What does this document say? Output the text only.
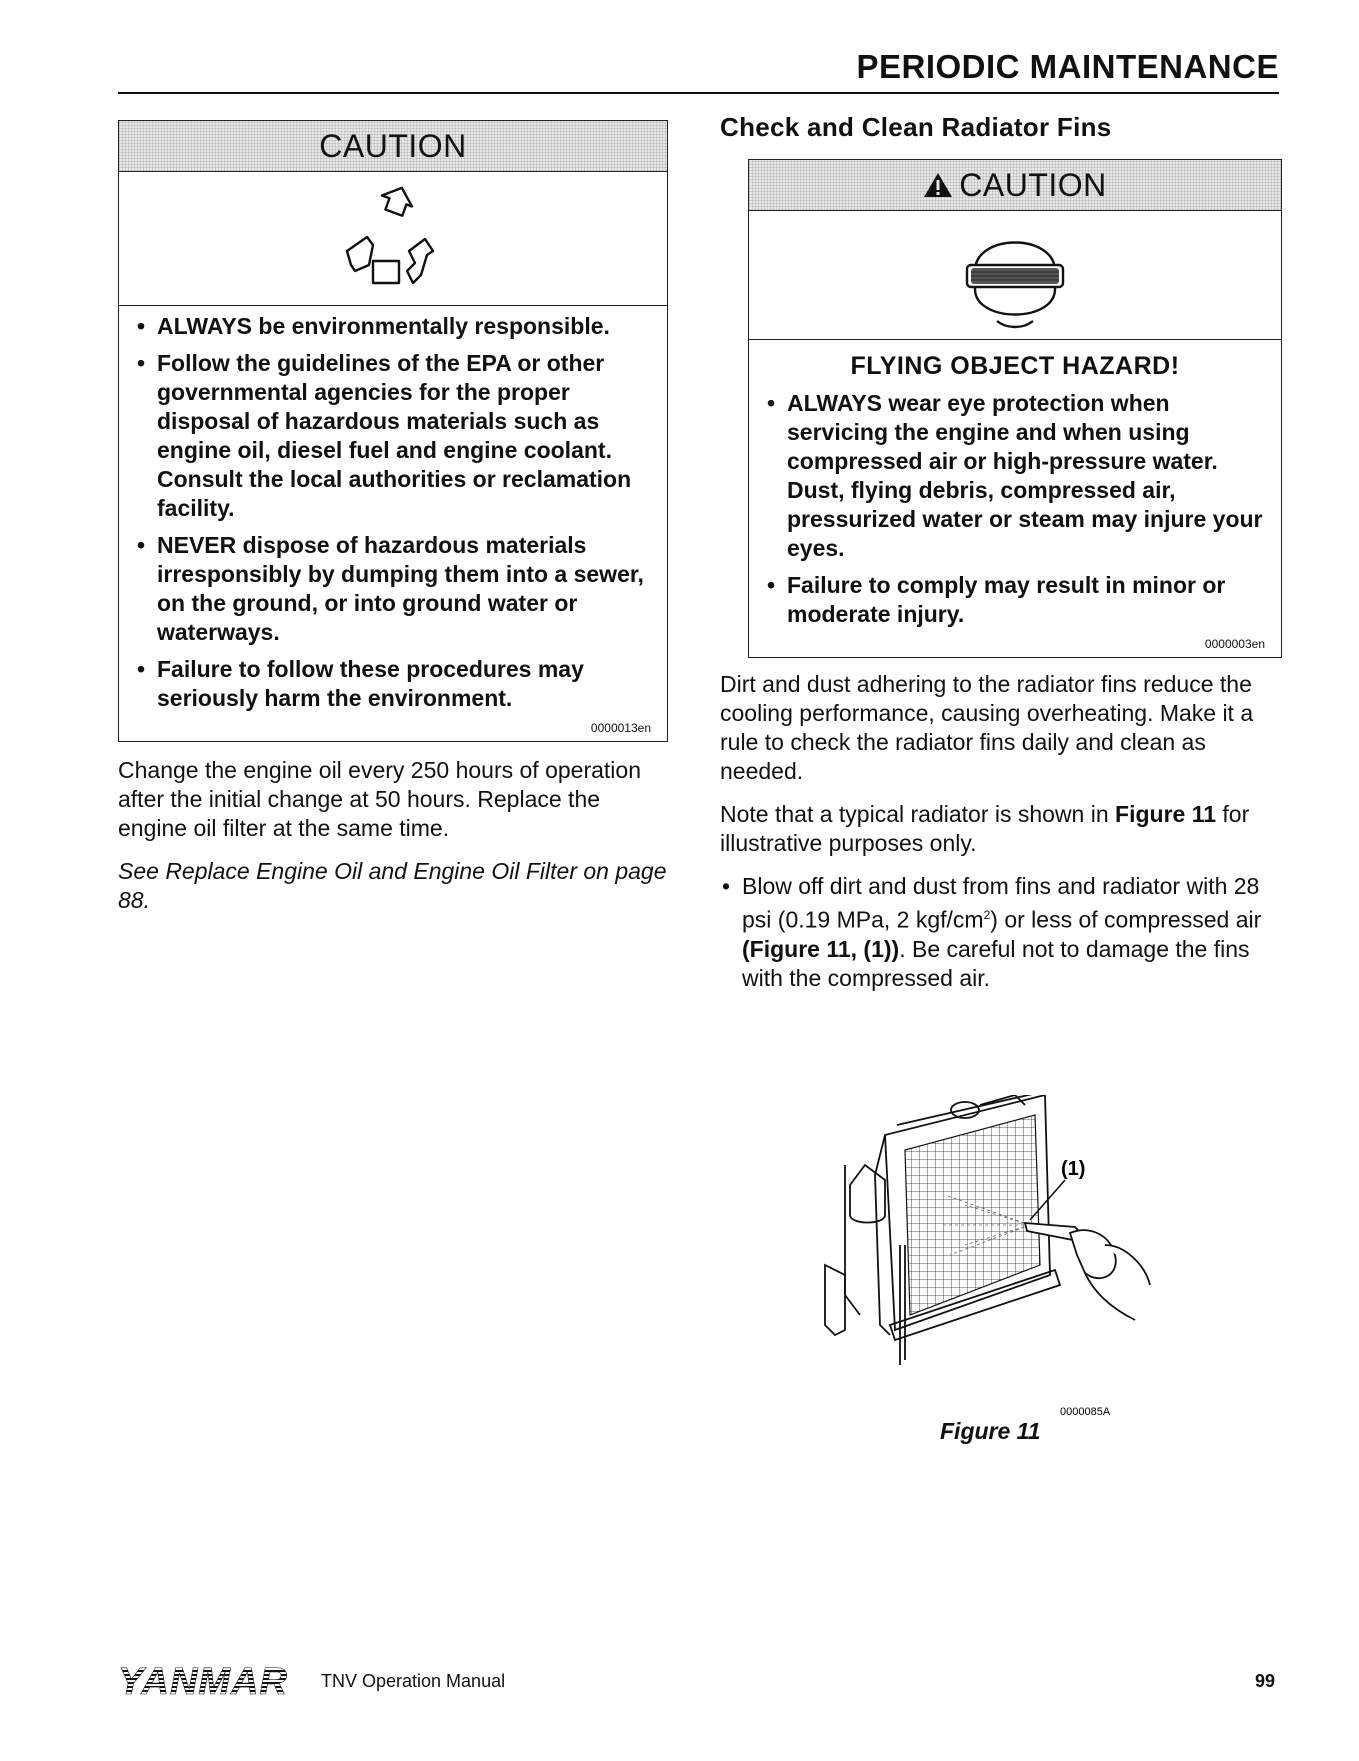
PERIODIC MAINTENANCE
CAUTION
• ALWAYS be environmentally responsible.
• Follow the guidelines of the EPA or other governmental agencies for the proper disposal of hazardous materials such as engine oil, diesel fuel and engine coolant. Consult the local authorities or reclamation facility.
• NEVER dispose of hazardous materials irresponsibly by dumping them into a sewer, on the ground, or into ground water or waterways.
• Failure to follow these procedures may seriously harm the environment.
0000013en

Change the engine oil every 250 hours of operation after the initial change at 50 hours. Replace the engine oil filter at the same time.

See Replace Engine Oil and Engine Oil Filter on page 88.

Check and Clean Radiator Fins
CAUTION
FLYING OBJECT HAZARD!
• ALWAYS wear eye protection when servicing the engine and when using compressed air or high-pressure water. Dust, flying debris, compressed air, pressurized water or steam may injure your eyes.
• Failure to comply may result in minor or moderate injury.
0000003en

Dirt and dust adhering to the radiator fins reduce the cooling performance, causing overheating. Make it a rule to check the radiator fins daily and clean as needed.

Note that a typical radiator is shown in Figure 11 for illustrative purposes only.

• Blow off dirt and dust from fins and radiator with 28 psi (0.19 MPa, 2 kgf/$cm^2$) or less of compressed air (Figure 11, (1)). Be careful not to damage the fins with the compressed air.
(1)
0000085A
Figure 11
YANMAR TNV Operation Manual	99
